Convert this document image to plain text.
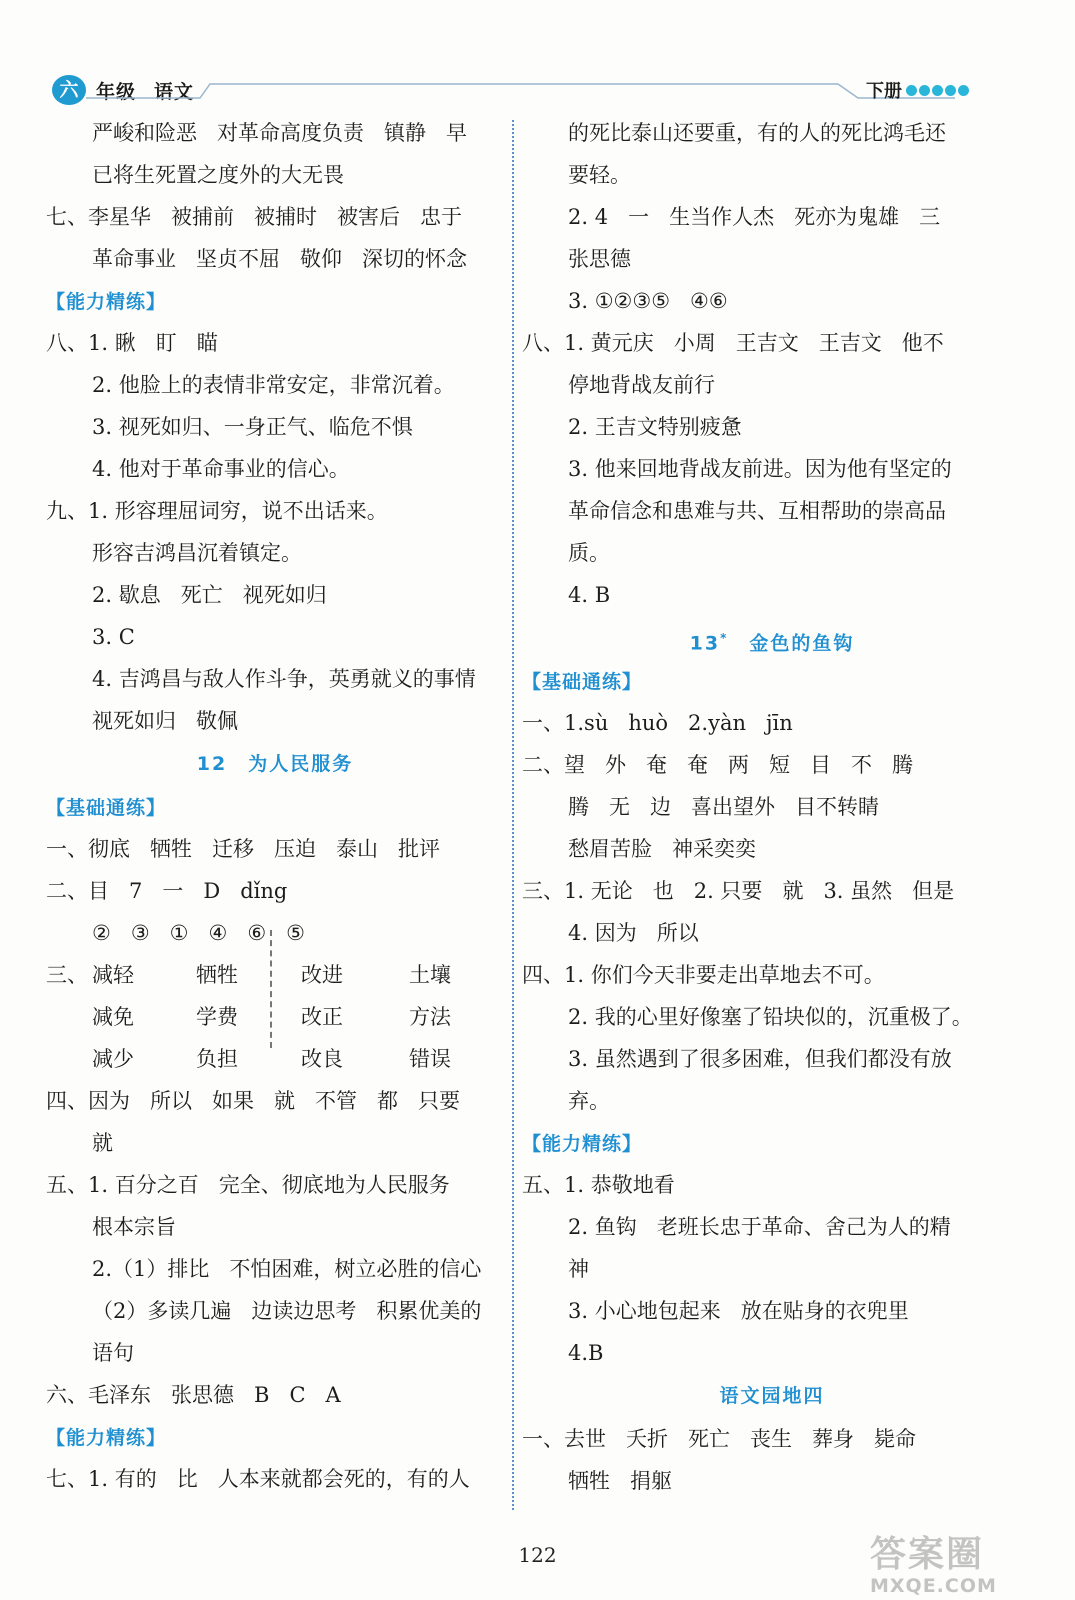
六 年级 语文	下册
严峻和险恶 对革命高度负责 镇静 早
已将生死置之度外的大无畏
七、李星华 被捕前 被捕时 被害后 忠于
革命事业 坚贞不屈 敬仰 深切的怀念
【能力精练】
八、1. 瞅 盯 瞄
2. 他脸上的表情非常安定，非常沉着。
3. 视死如归、一身正气、临危不惧
4. 他对于革命事业的信心。
九、1. 形容理屈词穷，说不出话来。
形容吉鸿昌沉着镇定。
2. 歇息 死亡 视死如归
3. C
4. 吉鸿昌与敌人作斗争，英勇就义的事情
视死如归 敬佩
12　为人民服务
【基础通练】
一、彻底 牺牲 迁移 压迫 泰山 批评
二、目 7 一 D dǐng
② ③ ① ④ ⑥ ⑤
三、 减轻	牺牲	改进	土壤
减免	学费	改正	方法
减少	负担	改良	错误
四、因为 所以 如果 就 不管 都 只要
就
五、1. 百分之百 完全、彻底地为人民服务
根本宗旨
2.（1）排比 不怕困难，树立必胜的信心
（2）多读几遍 边读边思考 积累优美的
语句
六、毛泽东 张思德 B C A
【能力精练】
七、1. 有的 比 人本来就都会死的，有的人
的死比泰山还要重，有的人的死比鸿毛还
要轻。
2. 4 一 生当作人杰 死亦为鬼雄 三
张思德
3. ①②③⑤ ④⑥
八、1. 黄元庆 小周 王吉文 王吉文 他不
停地背战友前行
2. 王吉文特别疲惫
3. 他来回地背战友前进。因为他有坚定的
革命信念和患难与共、互相帮助的崇高品
质。
4. B
13*　 金色的鱼钩
【基础通练】
一、1.sù huò 2.yàn jīn
二、望 外 奄 奄 两 短 目 不 腾
腾 无 边 喜出望外 目不转睛
愁眉苦脸 神采奕奕
三、1. 无论 也 2. 只要 就 3. 虽然 但是
4. 因为 所以
四、1. 你们今天非要走出草地去不可。
2. 我的心里好像塞了铅块似的，沉重极了。
3. 虽然遇到了很多困难，但我们都没有放
弃。
【能力精练】
五、1. 恭敬地看
2. 鱼钩 老班长忠于革命、舍己为人的精
神
3. 小心地包起来 放在贴身的衣兜里
4.B
语文园地四
一、去世 夭折 死亡 丧生 葬身 毙命
牺牲 捐躯
122	答案圈
MXQE.COM
